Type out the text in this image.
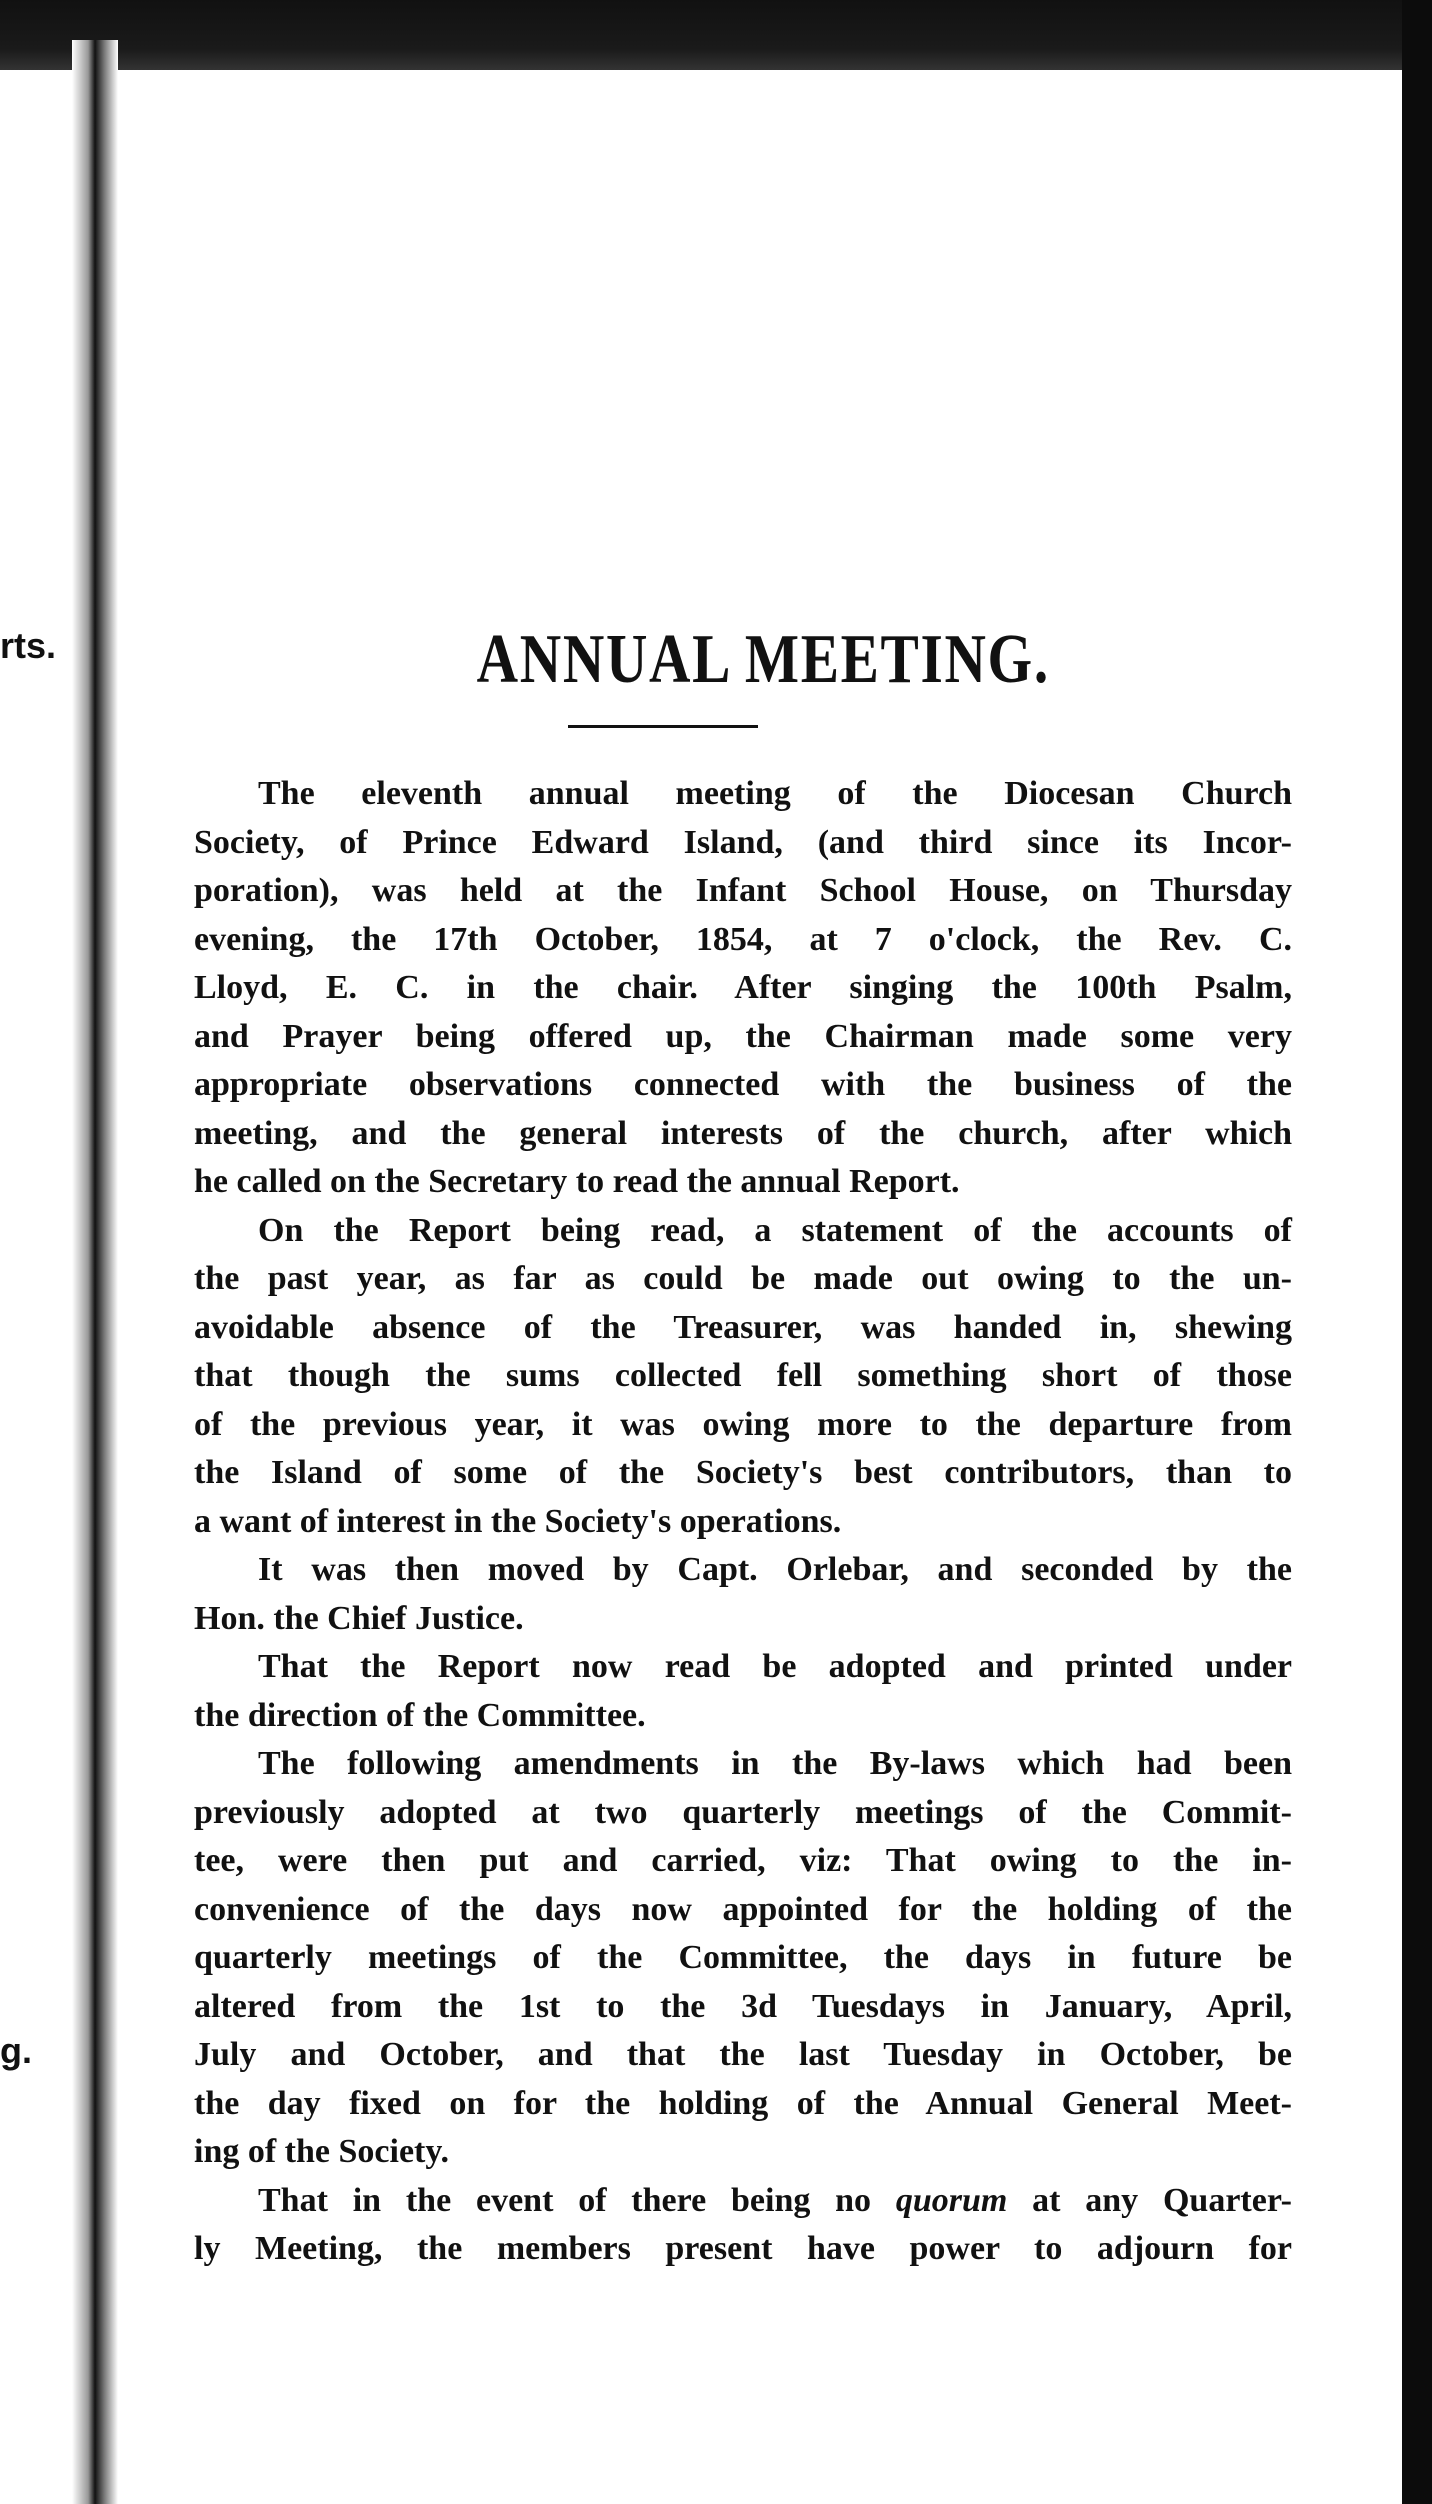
rts.
g.
ANNUAL MEETING.

The eleventh annual meeting of the Diocesan Church
Society, of Prince Edward Island, (and third since its Incor-
poration), was held at the Infant School House, on Thursday
evening, the 17th October, 1854, at 7 o'clock, the Rev. C.
Lloyd, E. C. in the chair. After singing the 100th Psalm,
and Prayer being offered up, the Chairman made some very
appropriate observations connected with the business of the
meeting, and the general interests of the church, after which
he called on the Secretary to read the annual Report.

On the Report being read, a statement of the accounts of
the past year, as far as could be made out owing to the un-
avoidable absence of the Treasurer, was handed in, shewing
that though the sums collected fell something short of those
of the previous year, it was owing more to the departure from
the Island of some of the Society's best contributors, than to
a want of interest in the Society's operations.

It was then moved by Capt. Orlebar, and seconded by the
Hon. the Chief Justice.

That the Report now read be adopted and printed under
the direction of the Committee.

The following amendments in the By-laws which had been
previously adopted at two quarterly meetings of the Commit-
tee, were then put and carried, viz: That owing to the in-
convenience of the days now appointed for the holding of the
quarterly meetings of the Committee, the days in future be
altered from the 1st to the 3d Tuesdays in January, April,
July and October, and that the last Tuesday in October, be
the day fixed on for the holding of the Annual General Meet-
ing of the Society.

That in the event of there being no quorum at any Quarter-
ly Meeting, the members present have power to adjourn for
